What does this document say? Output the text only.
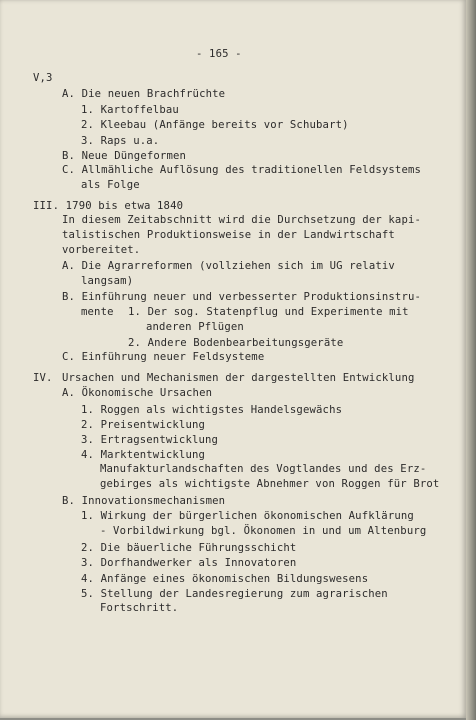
- 165 -
V,3
A. Die neuen Brachfrüchte
1. Kartoffelbau
2. Kleebau (Anfänge bereits vor Schubart)
3. Raps u.a.
B. Neue Düngeformen
C. Allmähliche Auflösung des traditionellen Feldsystems
als Folge
III. 1790 bis etwa 1840
In diesem Zeitabschnitt wird die Durchsetzung der kapi-
talistischen Produktionsweise in der Landwirtschaft
vorbereitet.
A. Die Agrarreformen (vollziehen sich im UG relativ
langsam)
B. Einführung neuer und verbesserter Produktionsinstru-
mente 1. Der sog. Statenpflug und Experimente mit
anderen Pflügen
2. Andere Bodenbearbeitungsgeräte
C. Einführung neuer Feldsysteme
IV. Ursachen und Mechanismen der dargestellten Entwicklung
A. Ökonomische Ursachen
1. Roggen als wichtigstes Handelsgewächs
2. Preisentwicklung
3. Ertragsentwicklung
4. Marktentwicklung
Manufakturlandschaften des Vogtlandes und des Erz-
gebirges als wichtigste Abnehmer von Roggen für Brot
B. Innovationsmechanismen
1. Wirkung der bürgerlichen ökonomischen Aufklärung
- Vorbildwirkung bgl. Ökonomen in und um Altenburg
2. Die bäuerliche Führungsschicht
3. Dorfhandwerker als Innovatoren
4. Anfänge eines ökonomischen Bildungswesens
5. Stellung der Landesregierung zum agrarischen
Fortschritt.
